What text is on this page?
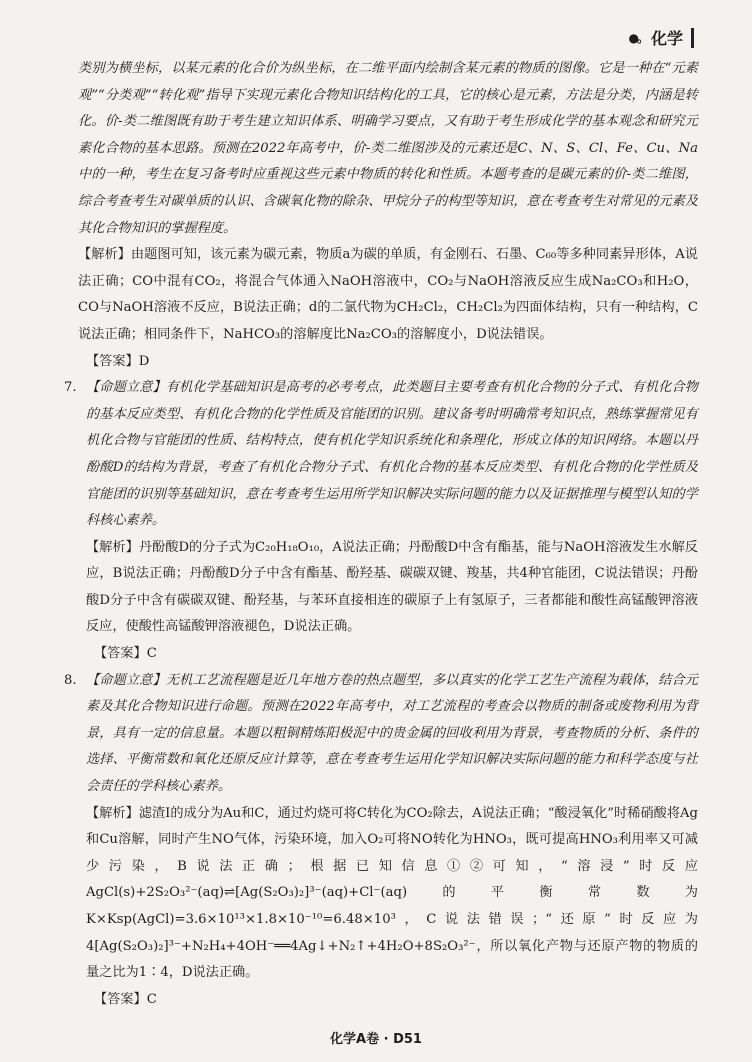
●。 化学

类别为横坐标，以某元素的化合价为纵坐标，在二维平面内绘制含某元素的物质的图像。它是一种在“元素观”“分类观”“转化观”指导下实现元素化合物知识结构化的工具，它的核心是元素，方法是分类，内涵是转化。价-类二维图既有助于考生建立知识体系、明确学习要点，又有助于考生形成化学的基本观念和研究元素化合物的基本思路。预测在2022年高考中，价-类二维图涉及的元素还是C、N、S、Cl、Fe、Cu、Na中的一种，考生在复习备考时应重视这些元素中物质的转化和性质。本题考查的是碳元素的价-类二维图，综合考查考生对碳单质的认识、含碳氧化物的除杂、甲烷分子的构型等知识，意在考查考生对常见的元素及其化合物知识的掌握程度。

【解析】由题图可知，该元素为碳元素，物质a为碳的单质，有金刚石、石墨、C₆₀等多种同素异形体，A说法正确；CO中混有CO₂，将混合气体通入NaOH溶液中，CO₂与NaOH溶液反应生成Na₂CO₃和H₂O，CO与NaOH溶液不反应，B说法正确；d的二氯代物为CH₂Cl₂，CH₂Cl₂为四面体结构，只有一种结构，C说法正确；相同条件下，NaHCO₃的溶解度比Na₂CO₃的溶解度小，D说法错误。

【答案】D

7. 【命题立意】有机化学基础知识是高考的必考考点，此类题目主要考查有机化合物的分子式、有机化合物的基本反应类型、有机化合物的化学性质及官能团的识别。建议备考时明确常考知识点，熟练掌握常见有机化合物与官能团的性质、结构特点，使有机化学知识系统化和条理化，形成立体的知识网络。本题以丹酚酸D的结构为背景，考查了有机化合物分子式、有机化合物的基本反应类型、有机化合物的化学性质及官能团的识别等基础知识，意在考查考生运用所学知识解决实际问题的能力以及证据推理与模型认知的学科核心素养。

【解析】丹酚酸D的分子式为C₂₀H₁₈O₁₀，A说法正确；丹酚酸D中含有酯基，能与NaOH溶液发生水解反应，B说法正确；丹酚酸D分子中含有酯基、酚羟基、碳碳双键、羧基，共4种官能团，C说法错误；丹酚酸D分子中含有碳碳双键、酚羟基，与苯环直接相连的碳原子上有氢原子，三者都能和酸性高锰酸钾溶液反应，使酸性高锰酸钾溶液褪色，D说法正确。

【答案】C

8. 【命题立意】无机工艺流程题是近几年地方卷的热点题型，多以真实的化学工艺生产流程为载体，结合元素及其化合物知识进行命题。预测在2022年高考中，对工艺流程的考查会以物质的制备或废物利用为背景，具有一定的信息量。本题以粗铜精炼阳极泥中的贵金属的回收利用为背景，考查物质的分析、条件的选择、平衡常数和氧化还原反应计算等，意在考查考生运用化学知识解决实际问题的能力和科学态度与社会责任的学科核心素养。

【解析】滤渣Ⅰ的成分为Au和C，通过灼烧可将C转化为CO₂除去，A说法正确；“酸浸氧化”时稀硝酸将Ag和Cu溶解，同时产生NO气体，污染环境，加入O₂可将NO转化为HNO₃，既可提高HNO₃利用率又可减少污染，B说法正确；根据已知信息①②可知，“溶浸”时反应AgCl(s)+2S₂O₃²⁻(aq)⇌[Ag(S₂O₃)₂]³⁻(aq)+Cl⁻(aq)的平衡常数为K×Ksp(AgCl)=3.6×10¹³×1.8×10⁻¹⁰=6.48×10³，C说法错误；“还原”时反应为4[Ag(S₂O₃)₂]³⁻+N₂H₄+4OH⁻══4Ag↓+N₂↑+4H₂O+8S₂O₃²⁻，所以氧化产物与还原产物的物质的量之比为1∶4，D说法正确。

【答案】C

化学A卷 · D51
